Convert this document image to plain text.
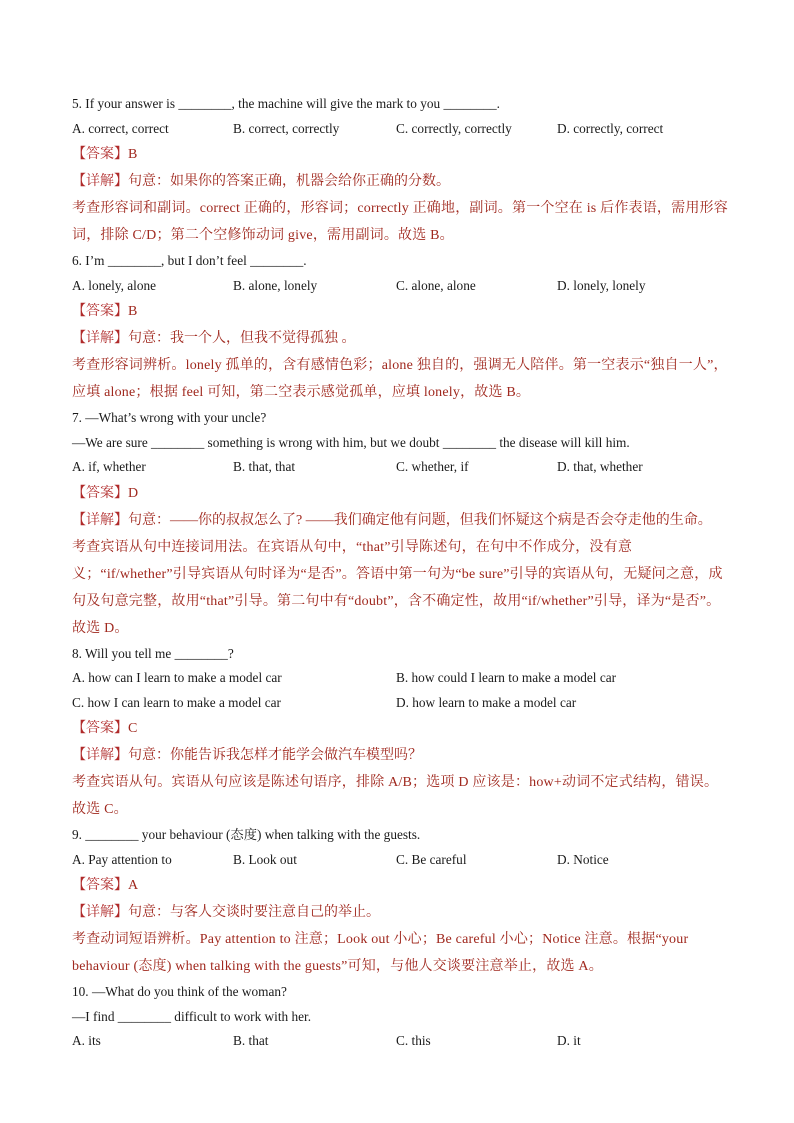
5. If your answer is ________, the machine will give the mark to you ________.
A. correct, correct	B. correct, correctly	C. correctly, correctly	D. correctly, correct
【答案】B
【详解】句意：如果你的答案正确，机器会给你正确的分数。
考查形容词和副词。correct 正确的，形容词；correctly 正确地，副词。第一个空在 is 后作表语，需用形容词，排除 C/D；第二个空修饰动词 give，需用副词。故选 B。
6. I’m ________, but I don’t feel ________.
A. lonely, alone	B. alone, lonely	C. alone, alone	D. lonely, lonely
【答案】B
【详解】句意：我一个人，但我不觉得孤独 。
考查形容词辨析。lonely 孤单的，含有感情色彩；alone 独自的，强调无人陪伴。第一空表示“独自一人”，应填 alone；根据 feel 可知，第二空表示感觉孤单，应填 lonely，故选 B。
7. —What’s wrong with your uncle?
—We are sure ________ something is wrong with him, but we doubt ________ the disease will kill him.
A. if, whether	B. that, that	C. whether, if	D. that, whether
【答案】D
【详解】句意：——你的叔叔怎么了? ——我们确定他有问题，但我们怀疑这个病是否会夺走他的生命。
考查宾语从句中连接词用法。在宾语从句中，“that”引导陈述句，在句中不作成分，没有意义；“if/whether”引导宾语从句时译为“是否”。答语中第一句为“be sure”引导的宾语从句，无疑问之意，成句及句意完整，故用“that”引导。第二句中有“doubt”，含不确定性，故用“if/whether”引导，译为“是否”。故选 D。
8. Will you tell me ________?
A. how can I learn to make a model car	B. how could I learn to make a model car
C. how I can learn to make a model car	D. how learn to make a model car
【答案】C
【详解】句意：你能告诉我怎样才能学会做汽车模型吗？
考查宾语从句。宾语从句应该是陈述句语序，排除 A/B；选项 D 应该是：how+动词不定式结构，错误。故选 C。
9. ________ your behaviour (态度) when talking with the guests.
A. Pay attention to	B. Look out	C. Be careful	D. Notice
【答案】A
【详解】句意：与客人交谈时要注意自己的举止。
考查动词短语辨析。Pay attention to 注意；Look out 小心；Be careful 小心；Notice 注意。根据“your behaviour (态度) when talking with the guests”可知，与他人交谈要注意举止，故选 A。
10. —What do you think of the woman?
—I find ________ difficult to work with her.
A. its	B. that	C. this	D. it
